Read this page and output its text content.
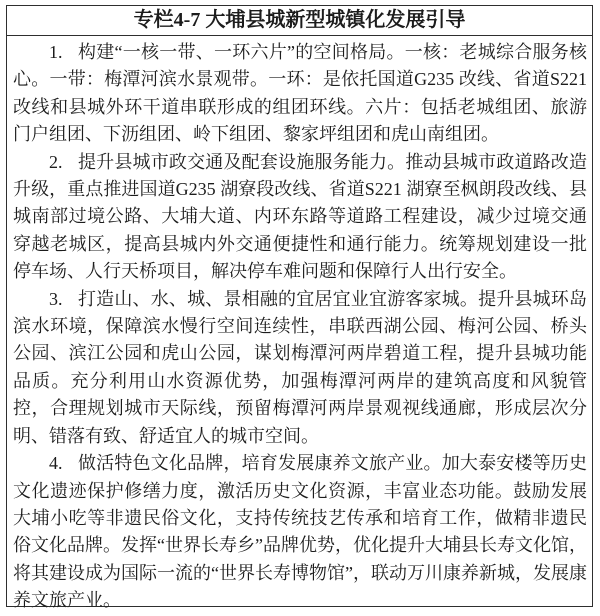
专栏4-7 大埔县城新型城镇化发展引导

1. 构建“一核一带、一环六片”的空间格局。一核：老城综合服务核心。一带：梅潭河滨水景观带。一环：是依托国道G235 改线、省道S221 改线和县城外环干道串联形成的组团环线。六片：包括老城组团、旅游门户组团、下沥组团、岭下组团、黎家坪组团和虎山南组团。

2. 提升县城市政交通及配套设施服务能力。推动县城市政道路改造升级，重点推进国道G235 湖寮段改线、省道S221 湖寮至枫朗段改线、县城南部过境公路、大埔大道、内环东路等道路工程建设，减少过境交通穿越老城区，提高县城内外交通便捷性和通行能力。统筹规划建设一批停车场、人行天桥项目，解决停车难问题和保障行人出行安全。

3. 打造山、水、城、景相融的宜居宜业宜游客家城。提升县城环岛滨水环境，保障滨水慢行空间连续性，串联西湖公园、梅河公园、桥头公园、滨江公园和虎山公园，谋划梅潭河两岸碧道工程，提升县城功能品质。充分利用山水资源优势，加强梅潭河两岸的建筑高度和风貌管控，合理规划城市天际线，预留梅潭河两岸景观视线通廊，形成层次分明、错落有致、舒适宜人的城市空间。

4. 做活特色文化品牌，培育发展康养文旅产业。加大泰安楼等历史文化遗迹保护修缮力度，激活历史文化资源，丰富业态功能。鼓励发展大埔小吃等非遗民俗文化，支持传统技艺传承和培育工作，做精非遗民俗文化品牌。发挥“世界长寿乡”品牌优势，优化提升大埔县长寿文化馆，将其建设成为国际一流的“世界长寿博物馆”，联动万川康养新城，发展康养文旅产业。
